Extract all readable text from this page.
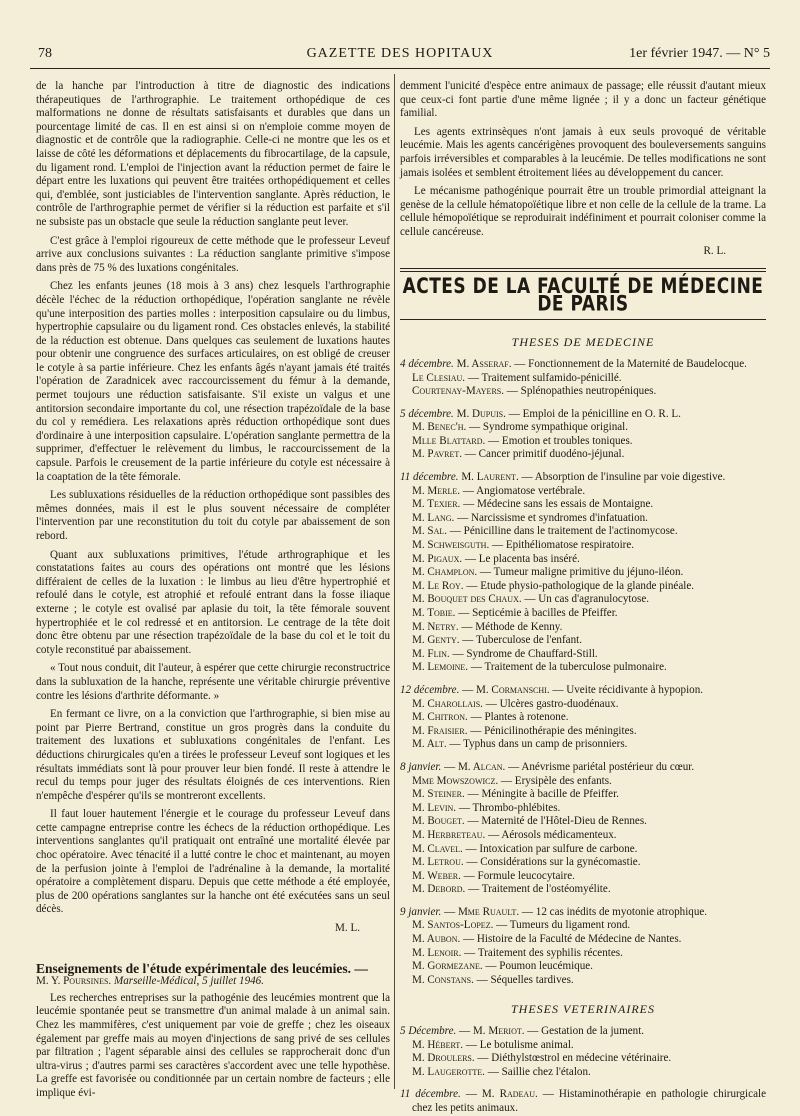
78	GAZETTE DES HOPITAUX	1er février 1947. — N° 5

de la hanche par l'introduction à titre de diagnostic des indications thérapeutiques de l'arthrographie. Le traitement orthopédique de ces malformations ne donne de résultats satisfaisants et durables que dans un pourcentage limité de cas. Il en est ainsi si on n'emploie comme moyen de diagnostic et de contrôle que la radiographie. Celle-ci ne montre que les os et laisse de côté les déformations et déplacements du fibrocartilage, de la capsule, du ligament rond. L'emploi de l'injection avant la réduction permet de faire le départ entre les luxations qui peuvent être traitées orthopédiquement et celles qui, d'emblée, sont justiciables de l'intervention sanglante. Après réduction, le contrôle de l'arthrographie permet de vérifier si la réduction est parfaite et s'il ne subsiste pas un obstacle que seule la réduction sanglante peut lever.

C'est grâce à l'emploi rigoureux de cette méthode que le professeur Leveuf arrive aux conclusions suivantes : La réduction sanglante primitive s'impose dans près de 75 % des luxations congénitales.

Chez les enfants jeunes (18 mois à 3 ans) chez lesquels l'arthrographie décèle l'échec de la réduction orthopédique, l'opération sanglante ne révèle qu'une interposition des parties molles : interposition capsulaire ou du limbus, hypertrophie capsulaire ou du ligament rond. Ces obstacles enlevés, la stabilité de la réduction est obtenue. Dans quelques cas seulement de luxations hautes pour obtenir une congruence des surfaces articulaires, on est obligé de creuser le cotyle à sa partie inférieure. Chez les enfants âgés n'ayant jamais été traités l'opération de Zaradnicek avec raccourcissement du fémur à la demande, permet toujours une réduction satisfaisante. S'il existe un valgus et une antitorsion secondaire importante du col, une résection trapézoïdale de la base du col y remédiera. Les relaxations après réduction orthopédique sont dues d'ordinaire à une interposition capsulaire. L'opération sanglante permettra de la supprimer, d'effectuer le relèvement du limbus, le raccourcissement de la capsule. Parfois le creusement de la partie inférieure du cotyle est nécessaire à la coaptation de la tête fémorale.

Les subluxations résiduelles de la réduction orthopédique sont passibles des mêmes données, mais il est le plus souvent nécessaire de compléter l'intervention par une reconstitution du toit du cotyle par abaissement de son rebord.

Quant aux subluxations primitives, l'étude arthrographique et les constatations faites au cours des opérations ont montré que les lésions différaient de celles de la luxation : le limbus au lieu d'être hypertrophié et refoulé dans le cotyle, est atrophié et refoulé entrant dans la fosse iliaque externe ; le cotyle est ovalisé par aplasie du toit, la tête fémorale souvent hypertrophiée et le col redressé et en antitorsion. Le centrage de la tête doit donc être obtenu par une résection trapézoïdale de la base du col et le toit du cotyle reconstitué par abaissement.

« Tout nous conduit, dit l'auteur, à espérer que cette chirurgie reconstructrice dans la subluxation de la hanche, représente une véritable chirurgie préventive contre les lésions d'arthrite déformante. »

En fermant ce livre, on a la conviction que l'arthrographie, si bien mise au point par Pierre Bertrand, constitue un gros progrès dans la conduite du traitement des luxations et subluxations congénitales de l'enfant. Les déductions chirurgicales qu'en a tirées le professeur Leveuf sont logiques et les résultats immédiats sont là pour prouver leur bien fondé. Il reste à attendre le recul du temps pour juger des résultats éloignés de ces interventions. Rien n'empêche d'espérer qu'ils se montreront excellents.

Il faut louer hautement l'énergie et le courage du professeur Leveuf dans cette campagne entreprise contre les échecs de la réduction orthopédique. Les interventions sanglantes qu'il pratiquait ont entraîné une mortalité élevée par choc opératoire. Avec ténacité il a lutté contre le choc et maintenant, au moyen de la perfusion jointe à l'emploi de l'adrénaline à la demande, la mortalité opératoire a complètement disparu. Depuis que cette méthode a été employée, plus de 200 opérations sanglantes sur la hanche ont été exécutées sans un seul décès.

M. L.

Enseignements de l'étude expérimentale des leucémies. —

M. Y. Poursines. Marseille-Médical, 5 juillet 1946.

Les recherches entreprises sur la pathogénie des leucémies montrent que la leucémie spontanée peut se transmettre d'un animal malade à un animal sain. Chez les mammifères, c'est uniquement par voie de greffe ; chez les oiseaux également par greffe mais au moyen d'injections de sang privé de ses cellules par filtration ; l'agent séparable ainsi des cellules se rapprocherait donc d'un ultra-virus ; d'autres parmi ses caractères s'accordent avec une telle hypothèse. La greffe est favorisée ou conditionnée par un certain nombre de facteurs ; elle implique évi-

demment l'unicité d'espèce entre animaux de passage; elle réussit d'autant mieux que ceux-ci font partie d'une même lignée ; il y a donc un facteur génétique familial.

Les agents extrinsèques n'ont jamais à eux seuls provoqué de véritable leucémie. Mais les agents cancérigènes provoquent des bouleversements sanguins parfois irréversibles et comparables à la leucémie. De telles modifications ne sont jamais isolées et semblent étroitement liées au développement du cancer.

Le mécanisme pathogénique pourrait être un trouble primordial atteignant la genèse de la cellule hématopoïétique libre et non celle de la cellule de la trame. La cellule hémopoïétique se reproduirait indéfiniment et pourrait coloniser comme la cellule cancéreuse.

R. L.

ACTES DE LA FACULTÉ DE MÉDECINE DE PARIS
THESES DE MEDECINE

4 décembre. M. Asseraf. — Fonctionnement de la Maternité de Baudelocque.

Le Clesiau. — Traitement sulfamido-pénicillé.

Courtenay-Mayers. — Splénopathies neutropéniques.

5 décembre. M. Dupuis. — Emploi de la pénicilline en O. R. L.

M. Benec'h. — Syndrome sympathique original.

Mlle Blattard. — Emotion et troubles toniques.

M. Pavret. — Cancer primitif duodéno-jéjunal.

11 décembre. M. Laurent. — Absorption de l'insuline par voie digestive.

M. Merle. — Angiomatose vertébrale.

M. Texier. — Médecine sans les essais de Montaigne.

M. Lang. — Narcissisme et syndromes d'infatuation.

M. Sal. — Pénicilline dans le traitement de l'actinomycose.

M. Schweisguth. — Epithéliomatose respiratoire.

M. Pigaux. — Le placenta bas inséré.

M. Champlon. — Tumeur maligne primitive du jéjuno-iléon.

M. Le Roy. — Etude physio-pathologique de la glande pinéale.

M. Bouquet des Chaux. — Un cas d'agranulocytose.

M. Tobie. — Septicémie à bacilles de Pfeiffer.

M. Netry. — Méthode de Kenny.

M. Genty. — Tuberculose de l'enfant.

M. Flin. — Syndrome de Chauffard-Still.

M. Lemoine. — Traitement de la tuberculose pulmonaire.

12 décembre. — M. Cormanschi. — Uveite récidivante à hypopion.

M. Charollais. — Ulcères gastro-duodénaux.

M. Chitron. — Plantes à rotenone.

M. Fraisier. — Pénicilinothérapie des méningites.

M. Alt. — Typhus dans un camp de prisonniers.

8 janvier. — M. Alcan. — Anévrisme pariétal postérieur du cœur.

Mme Mowszowicz. — Erysipèle des enfants.

M. Steiner. — Méningite à bacille de Pfeiffer.

M. Levin. — Thrombo-phlébites.

M. Bouget. — Maternité de l'Hôtel-Dieu de Rennes.

M. Herbreteau. — Aérosols médicamenteux.

M. Clavel. — Intoxication par sulfure de carbone.

M. Letrou. — Considérations sur la gynécomastie.

M. Weber. — Formule leucocytaire.

M. Debord. — Traitement de l'ostéomyélite.

9 janvier. — Mme Ruault. — 12 cas inédits de myotonie atrophique.

M. Santos-Lopez. — Tumeurs du ligament rond.

M. Aubon. — Histoire de la Faculté de Médecine de Nantes.

M. Lenoir. — Traitement des syphilis récentes.

M. Gormezane. — Poumon leucémique.

M. Constans. — Séquelles tardives.

THESES VETERINAIRES

5 Décembre. — M. Meriot. — Gestation de la jument.

M. Hébert. — Le botulisme animal.

M. Droulers. — Diéthylstœstrol en médecine vétérinaire.

M. Laugerotte. — Saillie chez l'étalon.

11 décembre. — M. Radeau. — Histaminothérapie en pathologie chirurgicale chez les petits animaux.
